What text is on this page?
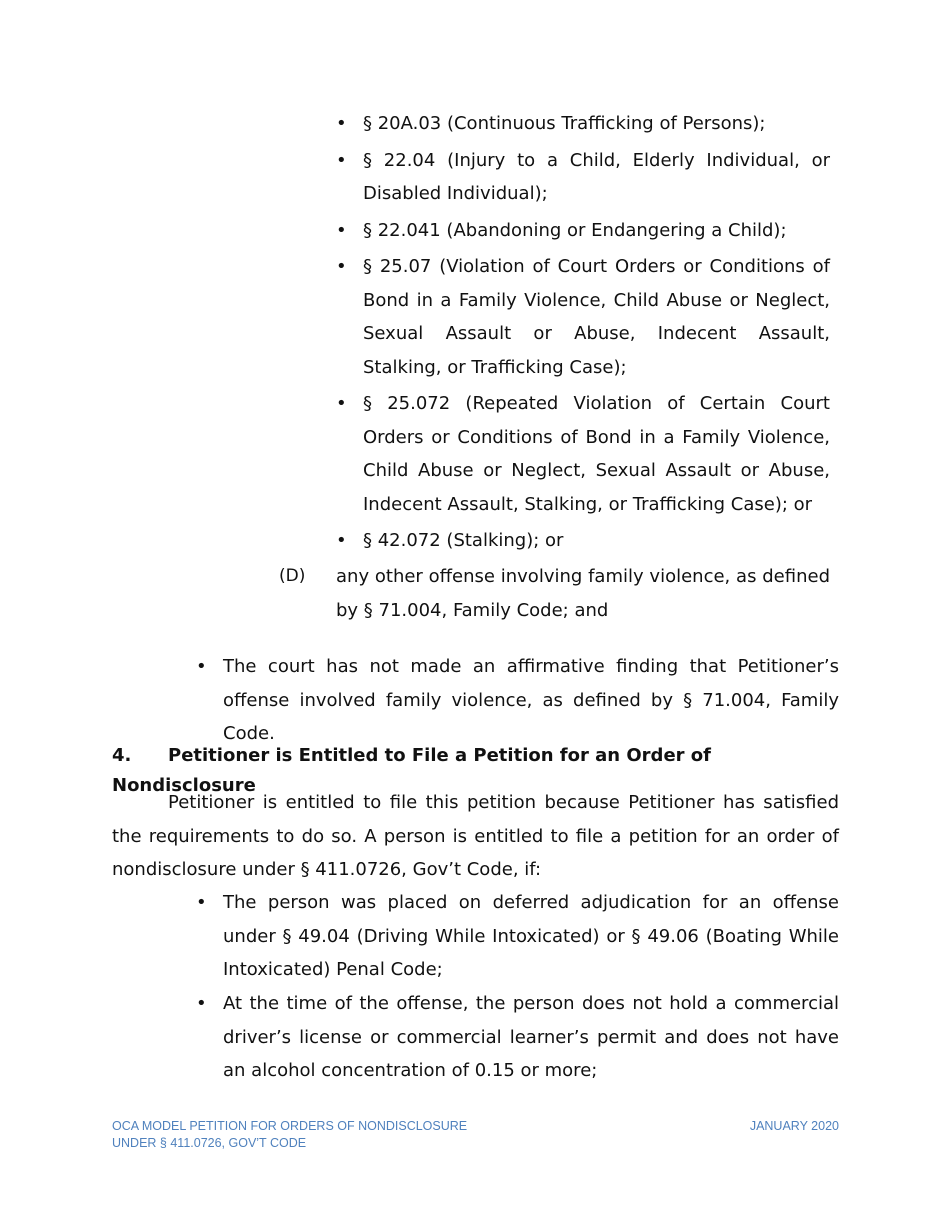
• § 20A.03 (Continuous Trafficking of Persons);
• § 22.04 (Injury to a Child, Elderly Individual, or Disabled Individual);
• § 22.041 (Abandoning or Endangering a Child);
• § 25.07 (Violation of Court Orders or Conditions of Bond in a Family Violence, Child Abuse or Neglect, Sexual Assault or Abuse, Indecent Assault, Stalking, or Trafficking Case);
• § 25.072 (Repeated Violation of Certain Court Orders or Conditions of Bond in a Family Violence, Child Abuse or Neglect, Sexual Assault or Abuse, Indecent Assault, Stalking, or Trafficking Case); or
• § 42.072 (Stalking); or
(D) any other offense involving family violence, as defined by § 71.004, Family Code; and
• The court has not made an affirmative finding that Petitioner’s offense involved family violence, as defined by § 71.004, Family Code.
4. Petitioner is Entitled to File a Petition for an Order of Nondisclosure
Petitioner is entitled to file this petition because Petitioner has satisfied the requirements to do so. A person is entitled to file a petition for an order of nondisclosure under § 411.0726, Gov’t Code, if:
• The person was placed on deferred adjudication for an offense under § 49.04 (Driving While Intoxicated) or § 49.06 (Boating While Intoxicated) Penal Code;
• At the time of the offense, the person does not hold a commercial driver’s license or commercial learner’s permit and does not have an alcohol concentration of 0.15 or more;
OCA MODEL PETITION FOR ORDERS OF NONDISCLOSURE
UNDER § 411.0726, GOV’T CODE
JANUARY 2020
